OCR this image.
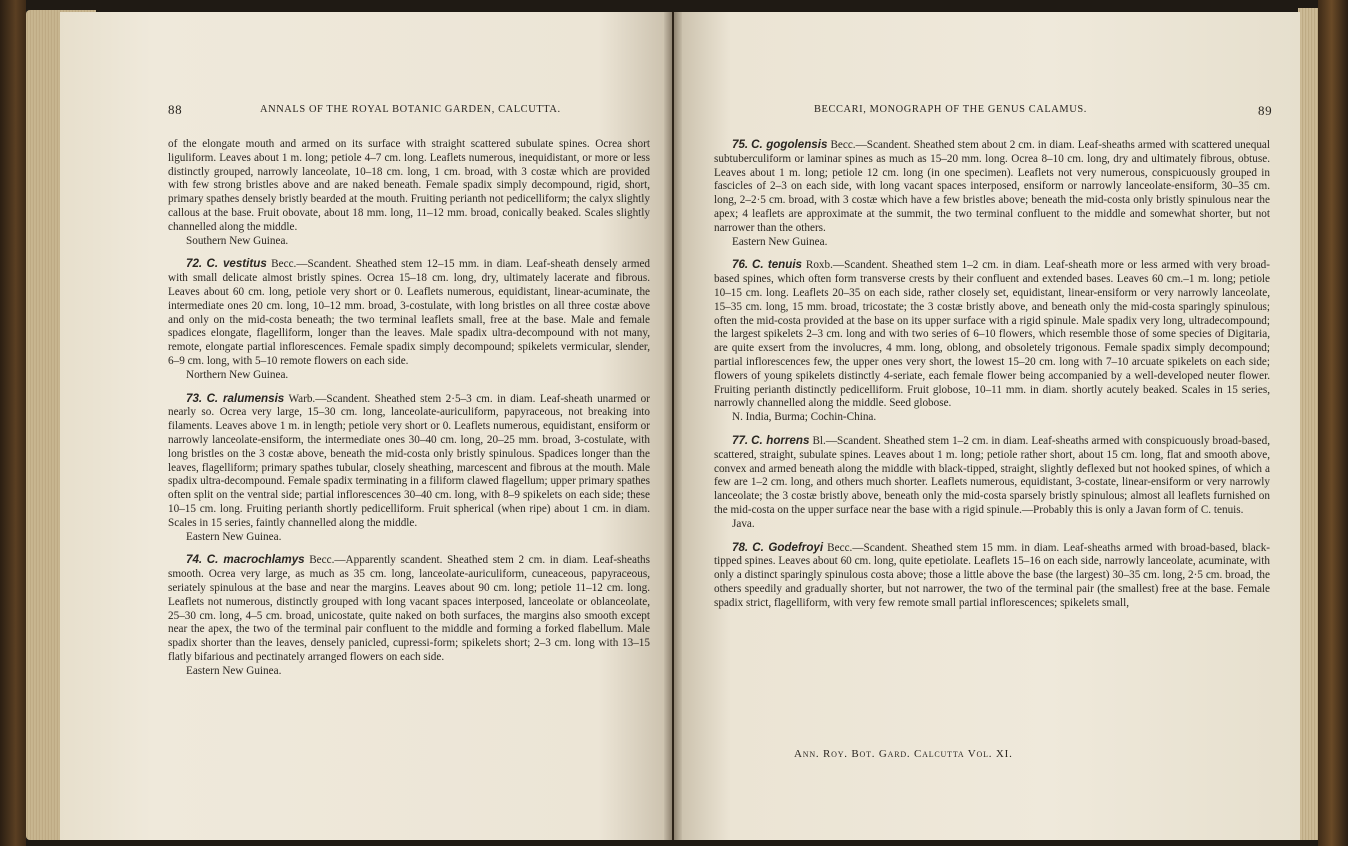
88	ANNALS OF THE ROYAL BOTANIC GARDEN, CALCUTTA.

of the elongate mouth and armed on its surface with straight scattered subulate spines. Ocrea short liguliform. Leaves about 1 m. long; petiole 4–7 cm. long. Leaflets numerous, inequidistant, or more or less distinctly grouped, narrowly lanceolate, 10–18 cm. long, 1 cm. broad, with 3 costæ which are provided with few strong bristles above and are naked beneath. Female spadix simply decompound, rigid, short, primary spathes densely bristly bearded at the mouth. Fruiting perianth not pedicelliform; the calyx slightly callous at the base. Fruit obovate, about 18 mm. long, 11–12 mm. broad, conically beaked. Scales slightly channelled along the middle.

Southern New Guinea.

72. C. vestitus Becc.—Scandent. Sheathed stem 12–15 mm. in diam. Leaf-sheath densely armed with small delicate almost bristly spines. Ocrea 15–18 cm. long, dry, ultimately lacerate and fibrous. Leaves about 60 cm. long, petiole very short or 0. Leaflets numerous, equidistant, linear-acuminate, the intermediate ones 20 cm. long, 10–12 mm. broad, 3-costulate, with long bristles on all three costæ above and only on the mid-costa beneath; the two terminal leaflets small, free at the base. Male and female spadices elongate, flagelliform, longer than the leaves. Male spadix ultra-decompound with not many, remote, elongate partial inflorescences. Female spadix simply decompound; spikelets vermicular, slender, 6–9 cm. long, with 5–10 remote flowers on each side.

Northern New Guinea.

73. C. ralumensis Warb.—Scandent. Sheathed stem 2·5–3 cm. in diam. Leaf-sheath unarmed or nearly so. Ocrea very large, 15–30 cm. long, lanceolate-auriculiform, papyraceous, not breaking into filaments. Leaves above 1 m. in length; petiole very short or 0. Leaflets numerous, equidistant, ensiform or narrowly lanceolate-ensiform, the intermediate ones 30–40 cm. long, 20–25 mm. broad, 3-costulate, with long bristles on the 3 costæ above, beneath the mid-costa only bristly spinulous. Spadices longer than the leaves, flagelliform; primary spathes tubular, closely sheathing, marcescent and fibrous at the mouth. Male spadix ultra-decompound. Female spadix terminating in a filiform clawed flagellum; upper primary spathes often split on the ventral side; partial inflorescences 30–40 cm. long, with 8–9 spikelets on each side; these 10–15 cm. long. Fruiting perianth shortly pedicelliform. Fruit spherical (when ripe) about 1 cm. in diam. Scales in 15 series, faintly channelled along the middle.

Eastern New Guinea.

74. C. macrochlamys Becc.—Apparently scandent. Sheathed stem 2 cm. in diam. Leaf-sheaths smooth. Ocrea very large, as much as 35 cm. long, lanceolate-auriculiform, cuneaceous, papyraceous, seriately spinulous at the base and near the margins. Leaves about 90 cm. long; petiole 11–12 cm. long. Leaflets not numerous, distinctly grouped with long vacant spaces interposed, lanceolate or oblanceolate, 25–30 cm. long, 4–5 cm. broad, unicostate, quite naked on both surfaces, the margins also smooth except near the apex, the two of the terminal pair confluent to the middle and forming a forked flabellum. Male spadix shorter than the leaves, densely panicled, cupressi-form; spikelets short; 2–3 cm. long with 13–15 flatly bifarious and pectinately arranged flowers on each side.

Eastern New Guinea.

BECCARI, MONOGRAPH OF THE GENUS CALAMUS.	89

75. C. gogolensis Becc.—Scandent. Sheathed stem about 2 cm. in diam. Leaf-sheaths armed with scattered unequal subtuberculiform or laminar spines as much as 15–20 mm. long. Ocrea 8–10 cm. long, dry and ultimately fibrous, obtuse. Leaves about 1 m. long; petiole 12 cm. long (in one specimen). Leaflets not very numerous, conspicuously grouped in fascicles of 2–3 on each side, with long vacant spaces interposed, ensiform or narrowly lanceolate-ensiform, 30–35 cm. long, 2–2·5 cm. broad, with 3 costæ which have a few bristles above; beneath the mid-costa only bristly spinulous near the apex; 4 leaflets are approximate at the summit, the two terminal confluent to the middle and somewhat shorter, but not narrower than the others.

Eastern New Guinea.

76. C. tenuis Roxb.—Scandent. Sheathed stem 1–2 cm. in diam. Leaf-sheath more or less armed with very broad-based spines, which often form transverse crests by their confluent and extended bases. Leaves 60 cm.–1 m. long; petiole 10–15 cm. long. Leaflets 20–35 on each side, rather closely set, equidistant, linear-ensiform or very narrowly lanceolate, 15–35 cm. long, 15 mm. broad, tricostate; the 3 costæ bristly above, and beneath only the mid-costa sparingly spinulous; often the mid-costa provided at the base on its upper surface with a rigid spinule. Male spadix very long, ultradecompound; the largest spikelets 2–3 cm. long and with two series of 6–10 flowers, which resemble those of some species of Digitaria, are quite exsert from the involucres, 4 mm. long, oblong, and obsoletely trigonous. Female spadix simply decompound; partial inflorescences few, the upper ones very short, the lowest 15–20 cm. long with 7–10 arcuate spikelets on each side; flowers of young spikelets distinctly 4-seriate, each female flower being accompanied by a well-developed neuter flower. Fruiting perianth distinctly pedicelliform. Fruit globose, 10–11 mm. in diam. shortly acutely beaked. Scales in 15 series, narrowly channelled along the middle. Seed globose.

N. India, Burma; Cochin-China.

77. C. horrens Bl.—Scandent. Sheathed stem 1–2 cm. in diam. Leaf-sheaths armed with conspicuously broad-based, scattered, straight, subulate spines. Leaves about 1 m. long; petiole rather short, about 15 cm. long, flat and smooth above, convex and armed beneath along the middle with black-tipped, straight, slightly deflexed but not hooked spines, of which a few are 1–2 cm. long, and others much shorter. Leaflets numerous, equidistant, 3-costate, linear-ensiform or very narrowly lanceolate; the 3 costæ bristly above, beneath only the mid-costa sparsely bristly spinulous; almost all leaflets furnished on the mid-costa on the upper surface near the base with a rigid spinule.—Probably this is only a Javan form of C. tenuis.

Java.

78. C. Godefroyi Becc.—Scandent. Sheathed stem 15 mm. in diam. Leaf-sheaths armed with broad-based, black-tipped spines. Leaves about 60 cm. long, quite epetiolate. Leaflets 15–16 on each side, narrowly lanceolate, acuminate, with only a distinct sparingly spinulous costa above; those a little above the base (the largest) 30–35 cm. long, 2·5 cm. broad, the others speedily and gradually shorter, but not narrower, the two of the terminal pair (the smallest) free at the base. Female spadix strict, flagelliform, with very few remote small partial inflorescences; spikelets small,

Ann. Roy. Bot. Gard. Calcutta Vol. XI.
